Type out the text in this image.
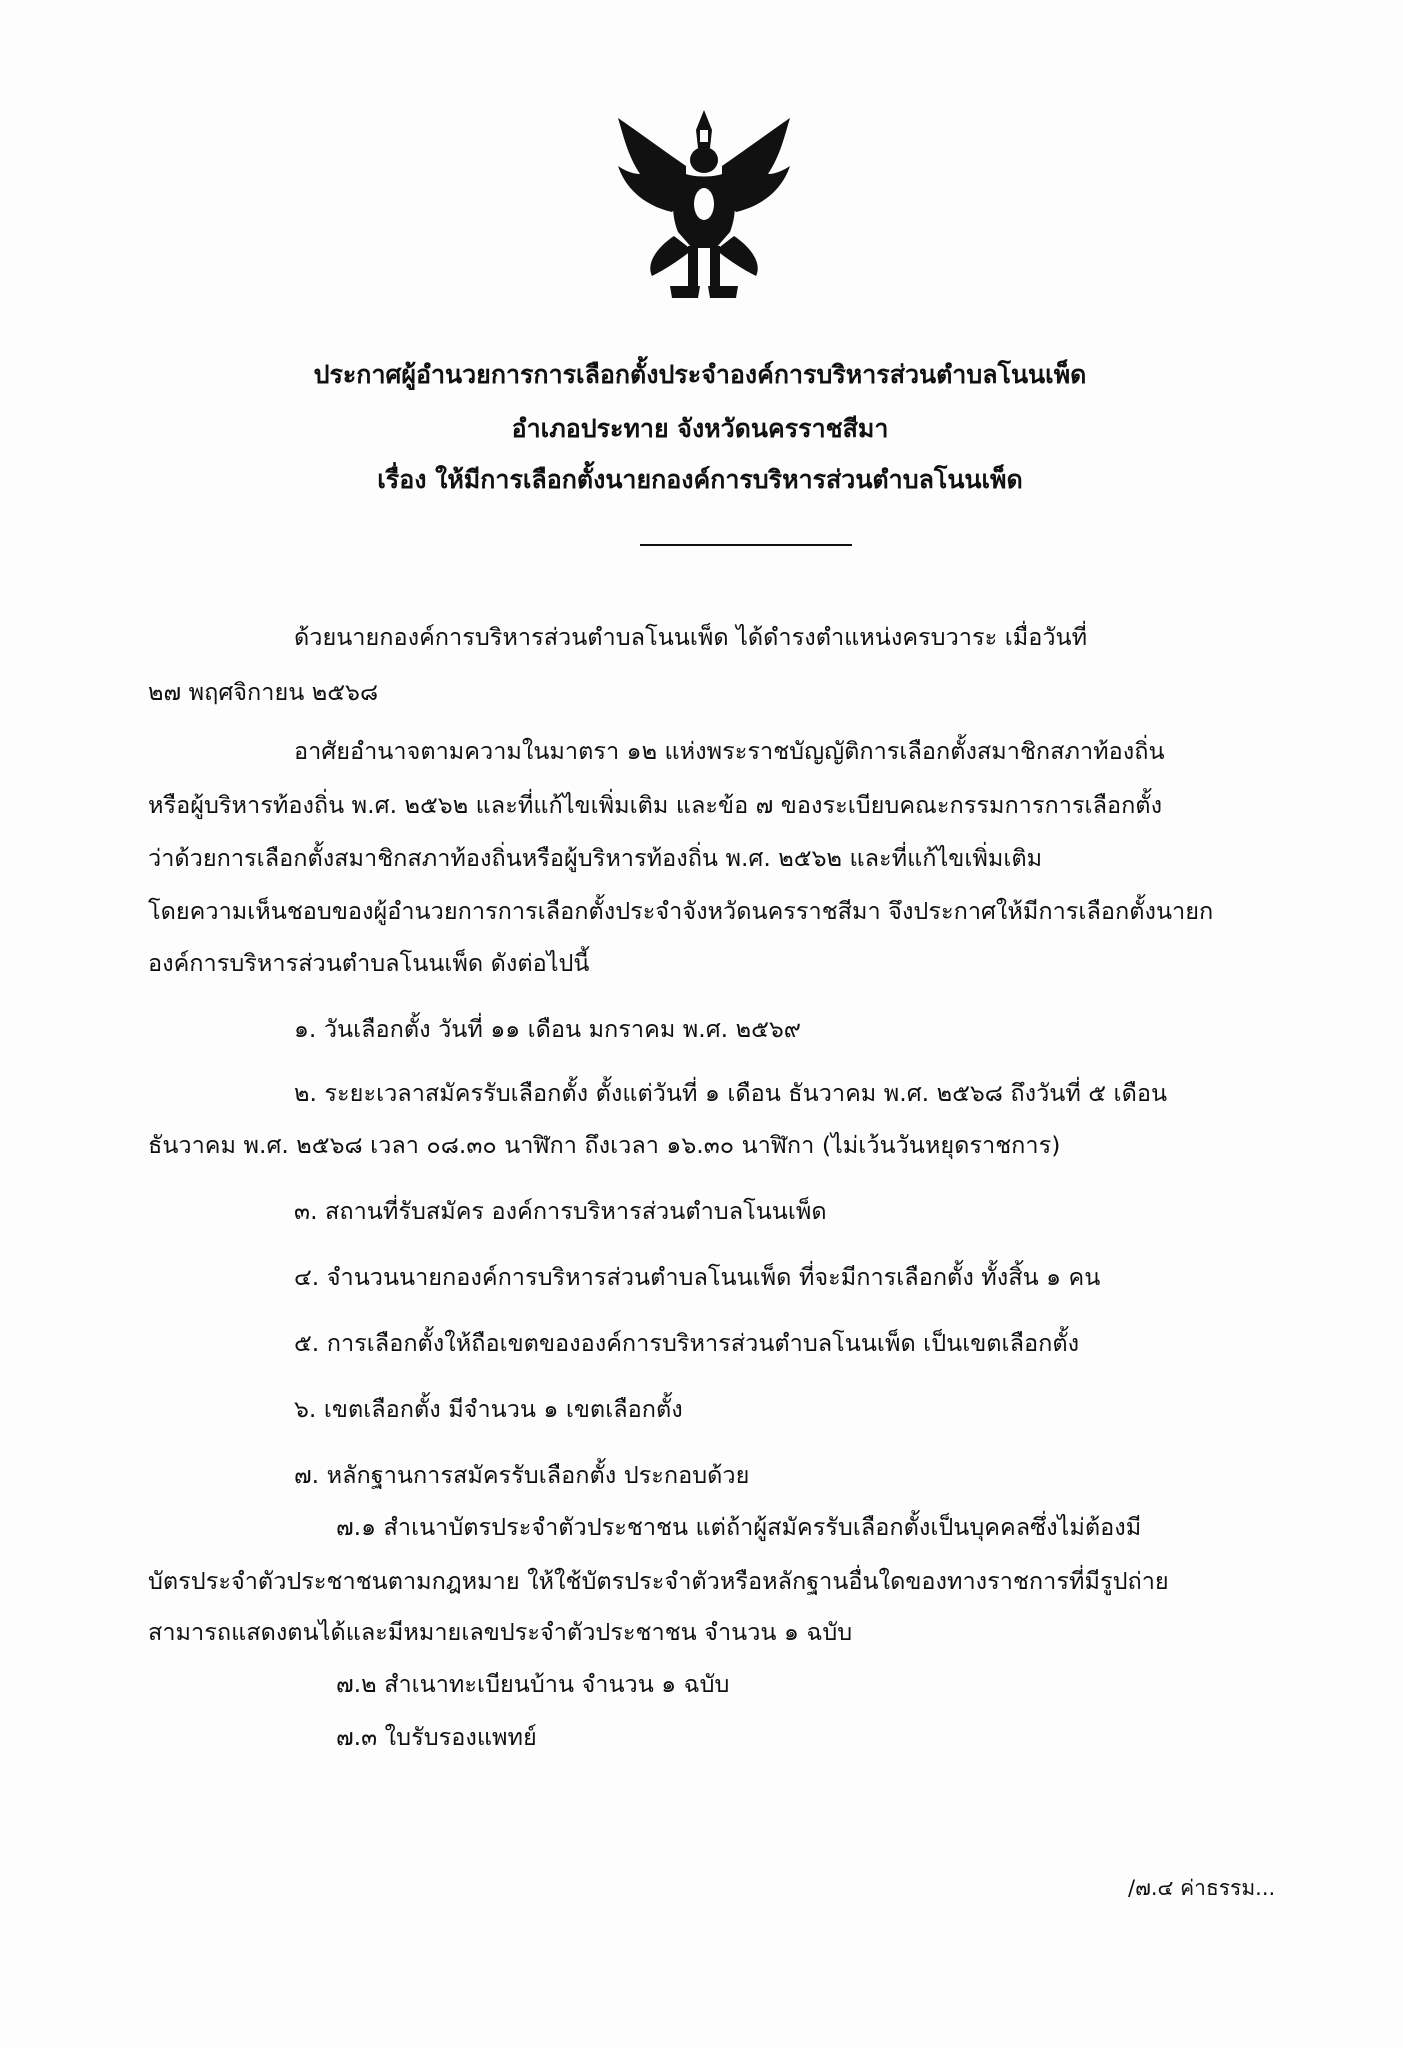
ประกาศผู้อำนวยการการเลือกตั้งประจำองค์การบริหารส่วนตำบลโนนเพ็ด
อำเภอประทาย จังหวัดนครราชสีมา
เรื่อง ให้มีการเลือกตั้งนายกองค์การบริหารส่วนตำบลโนนเพ็ด
ด้วยนายกองค์การบริหารส่วนตำบลโนนเพ็ด ได้ดำรงตำแหน่งครบวาระ เมื่อวันที่
๒๗ พฤศจิกายน ๒๕๖๘
อาศัยอำนาจตามความในมาตรา ๑๒ แห่งพระราชบัญญัติการเลือกตั้งสมาชิกสภาท้องถิ่น
หรือผู้บริหารท้องถิ่น พ.ศ. ๒๕๖๒ และที่แก้ไขเพิ่มเติม และข้อ ๗ ของระเบียบคณะกรรมการการเลือกตั้ง
ว่าด้วยการเลือกตั้งสมาชิกสภาท้องถิ่นหรือผู้บริหารท้องถิ่น พ.ศ. ๒๕๖๒ และที่แก้ไขเพิ่มเติม
โดยความเห็นชอบของผู้อำนวยการการเลือกตั้งประจำจังหวัดนครราชสีมา จึงประกาศให้มีการเลือกตั้งนายก
องค์การบริหารส่วนตำบลโนนเพ็ด ดังต่อไปนี้
๑. วันเลือกตั้ง วันที่ ๑๑ เดือน มกราคม พ.ศ. ๒๕๖๙
๒. ระยะเวลาสมัครรับเลือกตั้ง ตั้งแต่วันที่ ๑ เดือน ธันวาคม พ.ศ. ๒๕๖๘ ถึงวันที่ ๕ เดือน
ธันวาคม พ.ศ. ๒๕๖๘ เวลา ๐๘.๓๐ นาฬิกา ถึงเวลา ๑๖.๓๐ นาฬิกา (ไม่เว้นวันหยุดราชการ)
๓. สถานที่รับสมัคร องค์การบริหารส่วนตำบลโนนเพ็ด
๔. จำนวนนายกองค์การบริหารส่วนตำบลโนนเพ็ด ที่จะมีการเลือกตั้ง ทั้งสิ้น ๑ คน
๕. การเลือกตั้งให้ถือเขตขององค์การบริหารส่วนตำบลโนนเพ็ด เป็นเขตเลือกตั้ง
๖. เขตเลือกตั้ง มีจำนวน ๑ เขตเลือกตั้ง
๗. หลักฐานการสมัครรับเลือกตั้ง ประกอบด้วย
๗.๑ สำเนาบัตรประจำตัวประชาชน แต่ถ้าผู้สมัครรับเลือกตั้งเป็นบุคคลซึ่งไม่ต้องมี
บัตรประจำตัวประชาชนตามกฎหมาย ให้ใช้บัตรประจำตัวหรือหลักฐานอื่นใดของทางราชการที่มีรูปถ่าย
สามารถแสดงตนได้และมีหมายเลขประจำตัวประชาชน จำนวน ๑ ฉบับ
๗.๒ สำเนาทะเบียนบ้าน จำนวน ๑ ฉบับ
๗.๓ ใบรับรองแพทย์
/๗.๔ ค่าธรรม...
